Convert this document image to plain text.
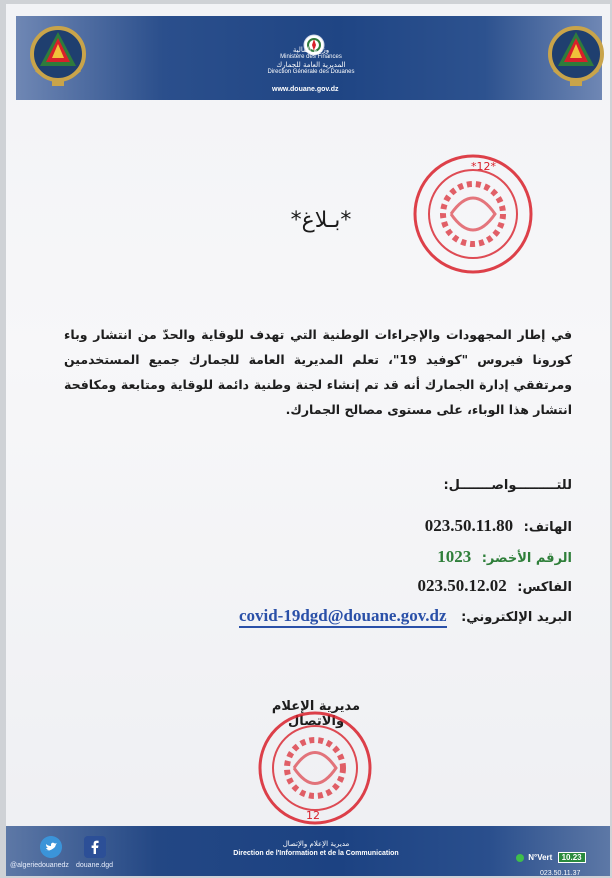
وزارة المالية
Ministère des Finances
المديرية العامة للجمارك
Direction Générale des Douanes
www.douane.gov.dz
*12*
*بـلاغ*
في إطار المجهودات والإجراءات الوطنية التي تهدف للوقاية والحدّ من انتشار وباء كورونا فيروس "كوفيد 19"، تعلم المديرية العامة للجمارك جميع المستخدمين ومرتفقي إدارة الجمارك أنه قد تم إنشاء لجنة وطنية دائمة للوقاية ومتابعة ومكافحة انتشار هذا الوباء، على مستوى مصالح الجمارك.
للتـــــــــواصـــــــل:
الهاتف: 023.50.11.80
الرقم الأخضر: 1023
الفاكس: 023.50.12.02
البريد الإلكتروني: covid-19dgd@douane.gov.dz
مديرية الإعلام والاتصال
12
@algeriedouanedz douane.dgd
مديرية الإعلام والإتصال
Direction de l'Information et de la Communication	N°Vert 10.23
023.50.11.37
